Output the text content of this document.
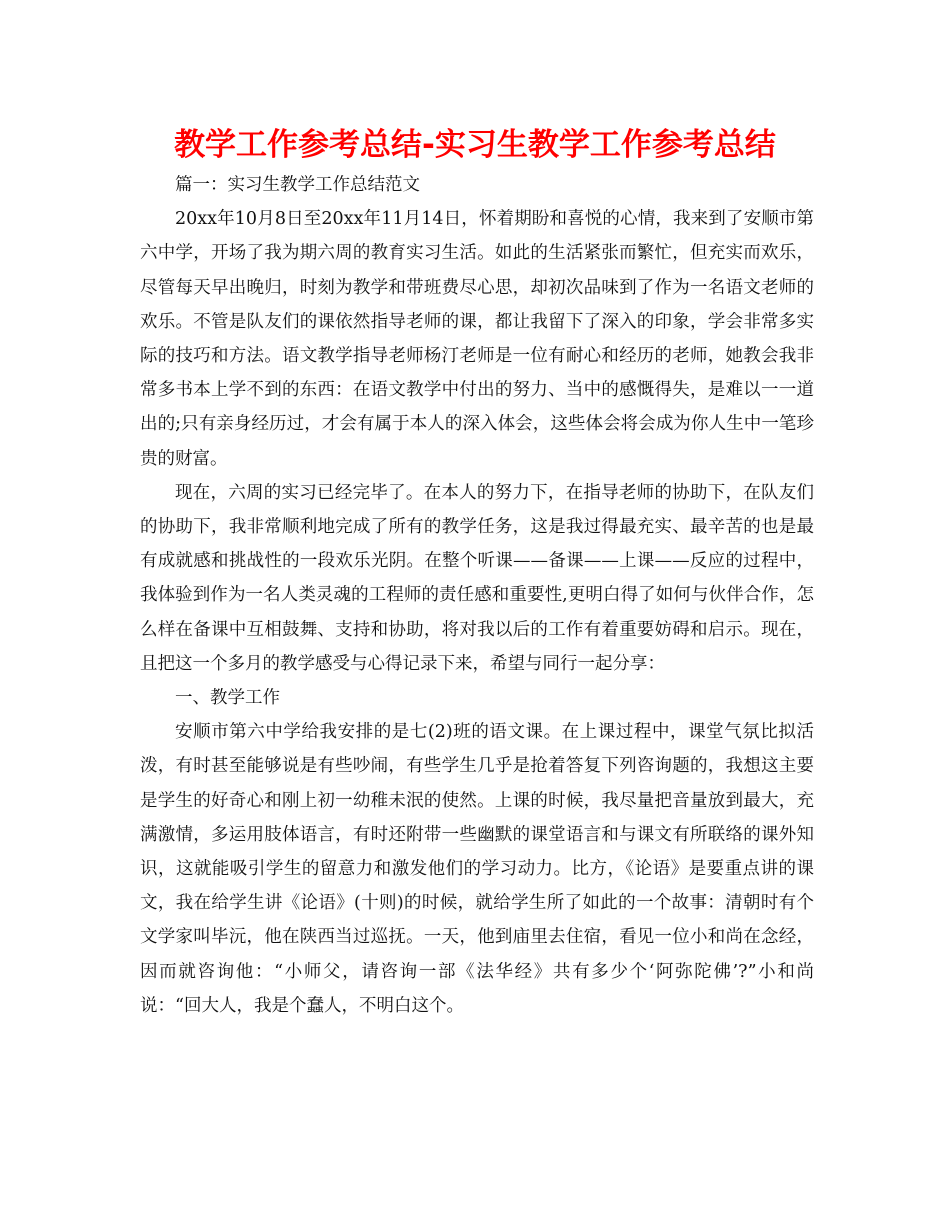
教学工作参考总结-实习生教学工作参考总结

篇一：实习生教学工作总结范文

20xx年10月8日至20xx年11月14日，怀着期盼和喜悦的心情，我来到了安顺市第六中学，开场了我为期六周的教育实习生活。如此的生活紧张而繁忙，但充实而欢乐，尽管每天早出晚归，时刻为教学和带班费尽心思，却初次品味到了作为一名语文老师的欢乐。不管是队友们的课依然指导老师的课，都让我留下了深入的印象，学会非常多实际的技巧和方法。语文教学指导老师杨汀老师是一位有耐心和经历的老师，她教会我非常多书本上学不到的东西：在语文教学中付出的努力、当中的感慨得失，是难以一一道出的;只有亲身经历过，才会有属于本人的深入体会，这些体会将会成为你人生中一笔珍贵的财富。

现在，六周的实习已经完毕了。在本人的努力下，在指导老师的协助下，在队友们的协助下，我非常顺利地完成了所有的教学任务，这是我过得最充实、最辛苦的也是最有成就感和挑战性的一段欢乐光阴。在整个听课——备课——上课——反应的过程中，我体验到作为一名人类灵魂的工程师的责任感和重要性,更明白得了如何与伙伴合作，怎么样在备课中互相鼓舞、支持和协助，将对我以后的工作有着重要妨碍和启示。现在，且把这一个多月的教学感受与心得记录下来，希望与同行一起分享：

一、教学工作

安顺市第六中学给我安排的是七(2)班的语文课。在上课过程中，课堂气氛比拟活泼，有时甚至能够说是有些吵闹，有些学生几乎是抢着答复下列咨询题的，我想这主要是学生的好奇心和刚上初一幼稚未泯的使然。上课的时候，我尽量把音量放到最大，充满激情，多运用肢体语言，有时还附带一些幽默的课堂语言和与课文有所联络的课外知识，这就能吸引学生的留意力和激发他们的学习动力。比方，《论语》是要重点讲的课文，我在给学生讲《论语》(十则)的时候，就给学生所了如此的一个故事：清朝时有个文学家叫毕沅，他在陕西当过巡抚。一天，他到庙里去住宿，看见一位小和尚在念经，因而就咨询他：“小师父，请咨询一部《法华经》共有多少个‘阿弥陀佛’?”小和尚说：“回大人，我是个蠢人，不明白这个。
